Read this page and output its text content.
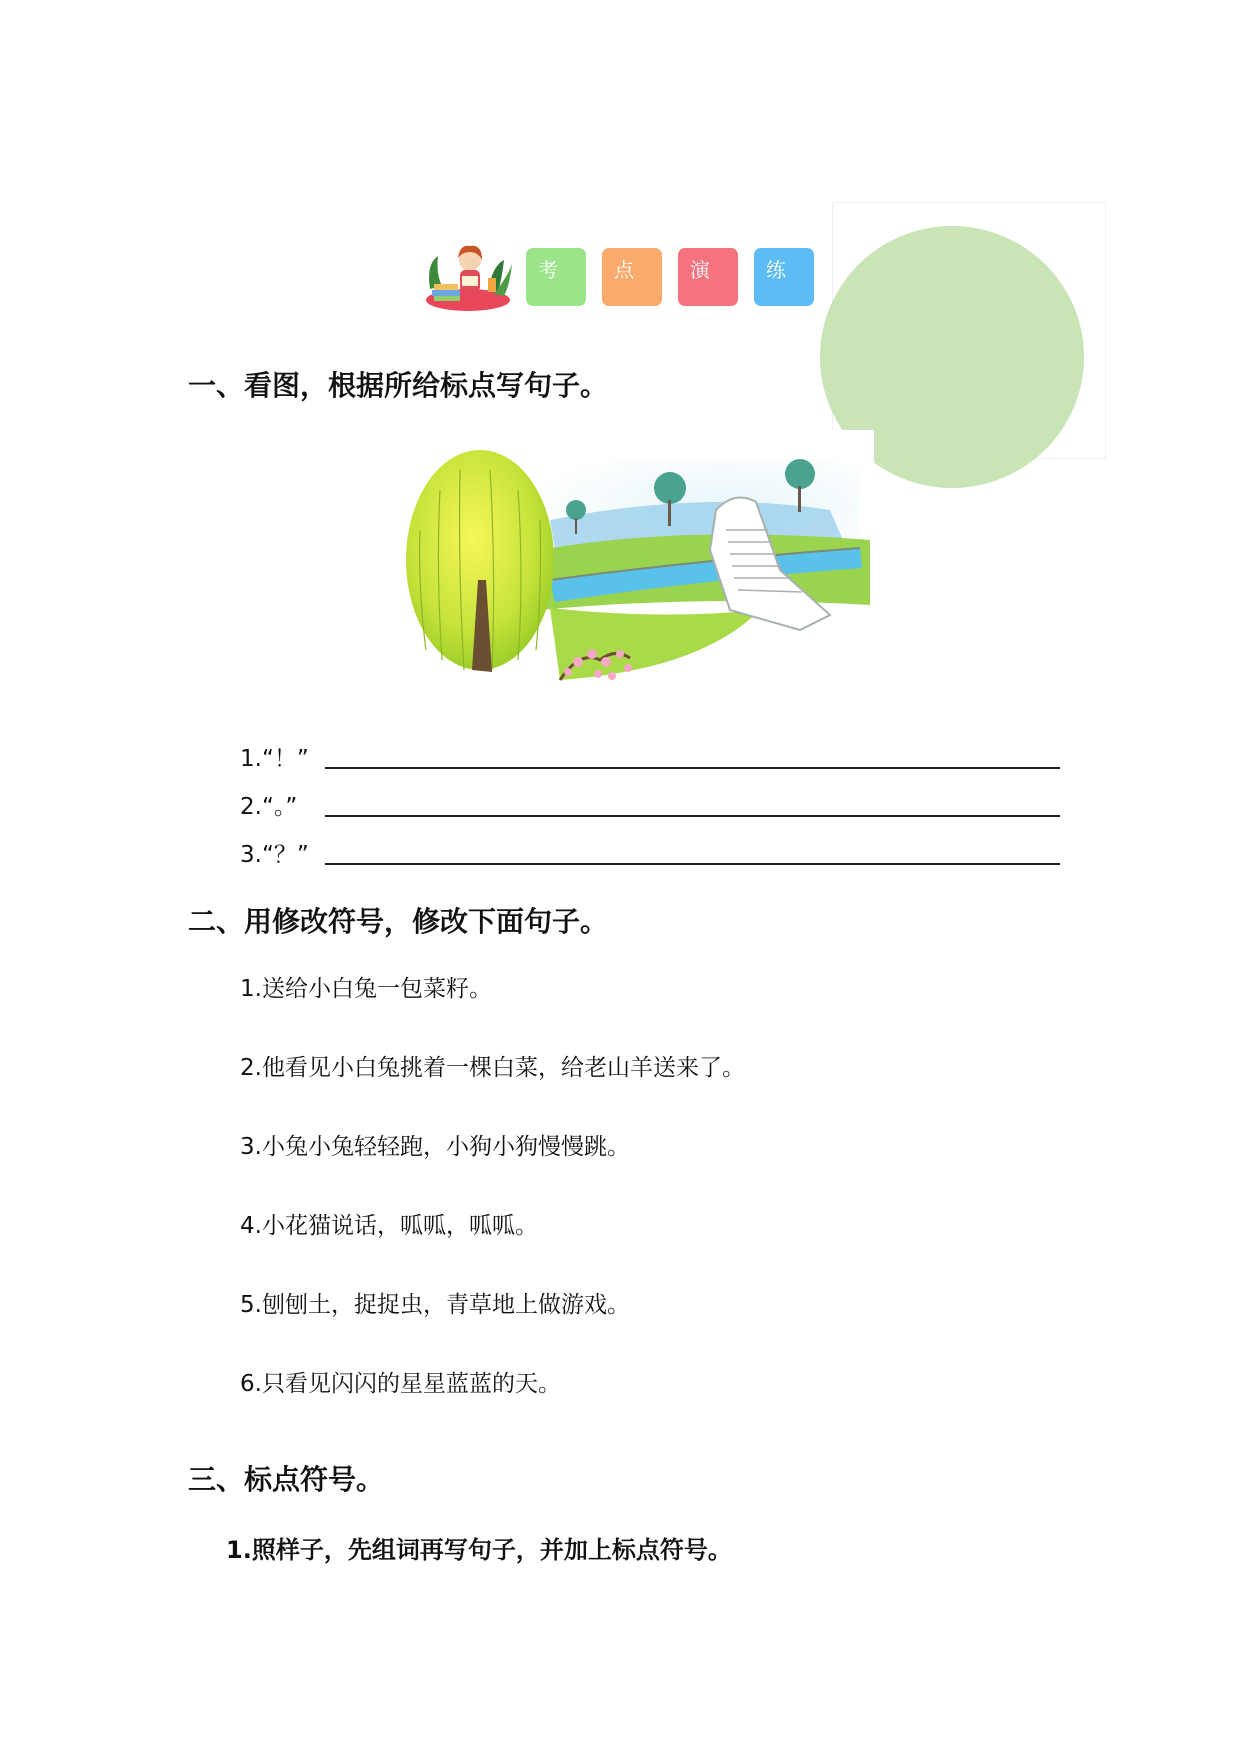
考	点	演	练
一、看图，根据所给标点写句子。
1.“！”
2.“。”
3.“？”
二、用修改符号，修改下面句子。
1.送给小白兔一包菜籽。
2.他看见小白兔挑着一棵白菜，给老山羊送来了。
3.小兔小兔轻轻跑，小狗小狗慢慢跳。
4.小花猫说话，呱呱，呱呱。
5.刨刨土，捉捉虫，青草地上做游戏。
6.只看见闪闪的星星蓝蓝的天。
三、标点符号。
1.照样子，先组词再写句子，并加上标点符号。
